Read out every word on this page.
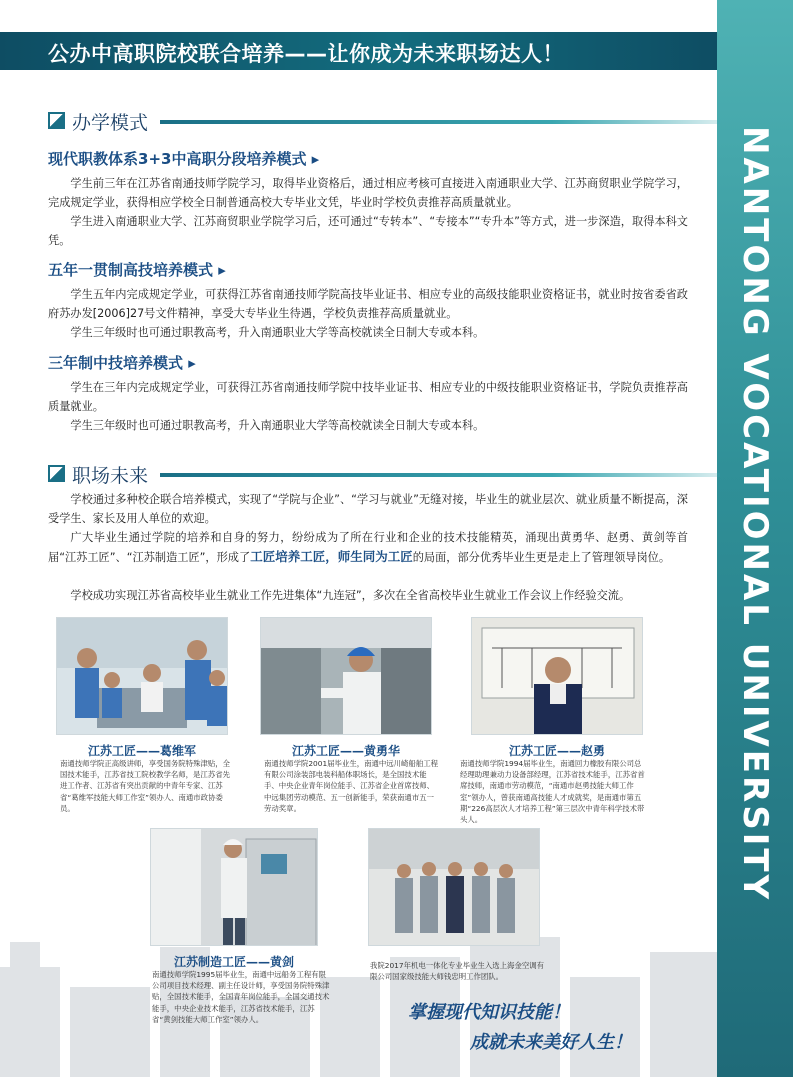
NANTONG VOCATIONAL UNIVERSITY
公办中高职院校联合培养——让你成为未来职场达人！
办学模式
现代职教体系3+3中高职分段培养模式 ▸
学生前三年在江苏省南通技师学院学习，取得毕业资格后，通过相应考核可直接进入南通职业大学、江苏商贸职业学院学习，完成规定学业，获得相应学校全日制普通高校大专毕业文凭，毕业时学校负责推荐高质量就业。
学生进入南通职业大学、江苏商贸职业学院学习后，还可通过“专转本”、“专接本”“专升本”等方式，进一步深造，取得本科文凭。
五年一贯制高技培养模式 ▸
学生五年内完成规定学业，可获得江苏省南通技师学院高技毕业证书、相应专业的高级技能职业资格证书，就业时按省委省政府苏办发[2006]27号文件精神，享受大专毕业生待遇，学校负责推荐高质量就业。
学生三年级时也可通过职教高考，升入南通职业大学等高校就读全日制大专或本科。
三年制中技培养模式 ▸
学生在三年内完成规定学业，可获得江苏省南通技师学院中技毕业证书、相应专业的中级技能职业资格证书，学院负责推荐高质量就业。
学生三年级时也可通过职教高考，升入南通职业大学等高校就读全日制大专或本科。
职场未来
学校通过多种校企联合培养模式，实现了“学院与企业”、“学习与就业”无缝对接，毕业生的就业层次、就业质量不断提高，深受学生、家长及用人单位的欢迎。
广大毕业生通过学院的培养和自身的努力，纷纷成为了所在行业和企业的技术技能精英，涌现出黄勇华、赵勇、黄剑等首届“江苏工匠”、“江苏制造工匠”，形成了工匠培养工匠，师生同为工匠的局面，部分优秀毕业生更是走上了管理领导岗位。
学校成功实现江苏省高校毕业生就业工作先进集体“九连冠”，多次在全省高校毕业生就业工作会议上作经验交流。
江苏工匠——葛维军
南通技师学院正高级讲师，享受国务院特殊津贴，全国技术能手，江苏省技工院校教学名师，是江苏省先进工作者、江苏省有突出贡献的中青年专家、江苏省“葛维军技能大师工作室”领办人、南通市政协委员。
江苏工匠——黄勇华
南通技师学院2001届毕业生，南通中远川崎船舶工程有限公司涂装部电装科船体职场长，是全国技术能手、中央企业青年岗位能手、江苏省企业首席技师、中远集团劳动模范、五一创新能手，荣获南通市五一劳动奖章。
江苏工匠——赵勇
南通技师学院1994届毕业生，南通回力橡胶有限公司总经理助理兼动力设备部经理，江苏省技术能手，江苏省首席技师，南通市劳动模范，“南通市赵勇技能大师工作室”领办人，曾获南通高技能人才成就奖，是南通市第五期“226高层次人才培养工程”第三层次中青年科学技术带头人。
江苏制造工匠——黄剑
南通技师学院1995届毕业生，南通中远船务工程有限公司项目技术经理、副主任设计师，享受国务院特殊津贴，全国技术能手，全国青年岗位能手，全国交通技术能手，中央企业技术能手，江苏省技术能手，江苏省“黄剑技能大师工作室”领办人。
我院2017年机电一体化专业毕业生入选上海金空调有限公司国家级技能大师钱忠明工作团队。
掌握现代知识技能！
成就未来美好人生！
